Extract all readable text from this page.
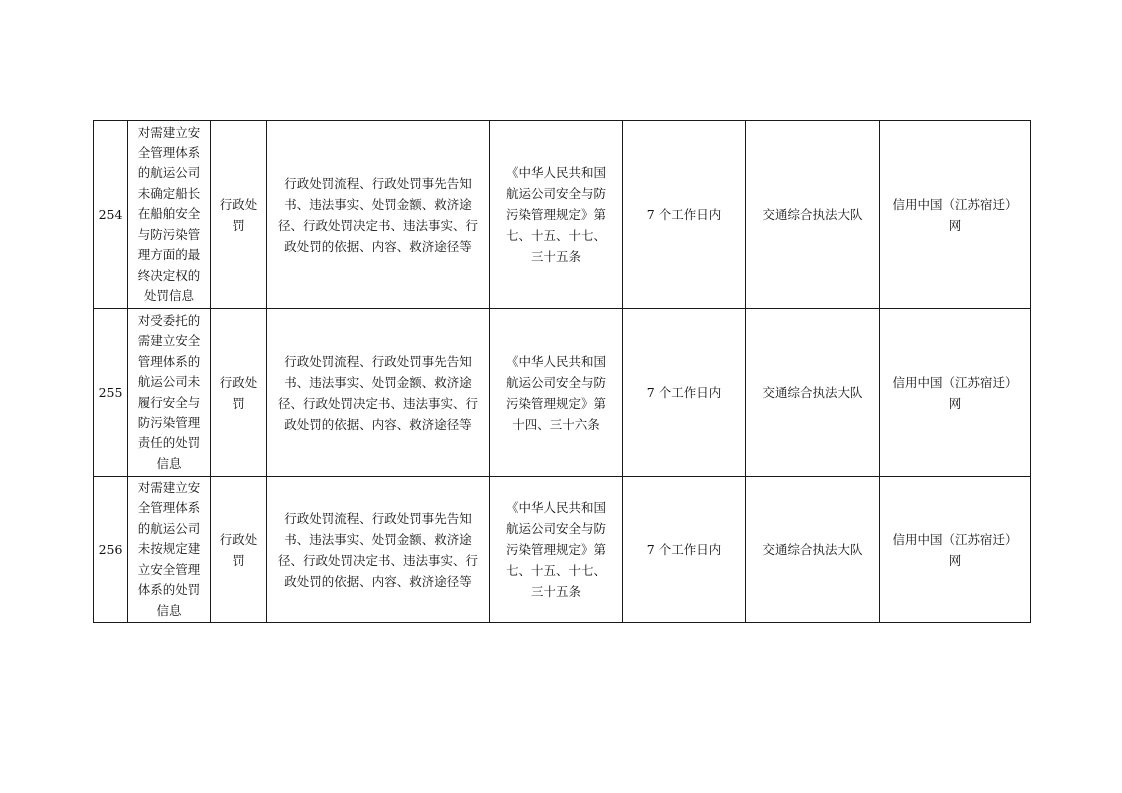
254	对需建立安全管理体系的航运公司未确定船长在船舶安全与防污染管理方面的最终决定权的处罚信息	行政处罚	行政处罚流程、行政处罚事先告知书、违法事实、处罚金额、救济途径、行政处罚决定书、违法事实、行政处罚的依据、内容、救济途径等	《中华人民共和国航运公司安全与防污染管理规定》第七、十五、十七、三十五条	7 个工作日内	交通综合执法大队	信用中国（江苏宿迁）网
255	对受委托的需建立安全管理体系的航运公司未履行安全与防污染管理责任的处罚信息	行政处罚	行政处罚流程、行政处罚事先告知书、违法事实、处罚金额、救济途径、行政处罚决定书、违法事实、行政处罚的依据、内容、救济途径等	《中华人民共和国航运公司安全与防污染管理规定》第十四、三十六条	7 个工作日内	交通综合执法大队	信用中国（江苏宿迁）网
256	对需建立安全管理体系的航运公司未按规定建立安全管理体系的处罚信息	行政处罚	行政处罚流程、行政处罚事先告知书、违法事实、处罚金额、救济途径、行政处罚决定书、违法事实、行政处罚的依据、内容、救济途径等	《中华人民共和国航运公司安全与防污染管理规定》第七、十五、十七、三十五条	7 个工作日内	交通综合执法大队	信用中国（江苏宿迁）网
